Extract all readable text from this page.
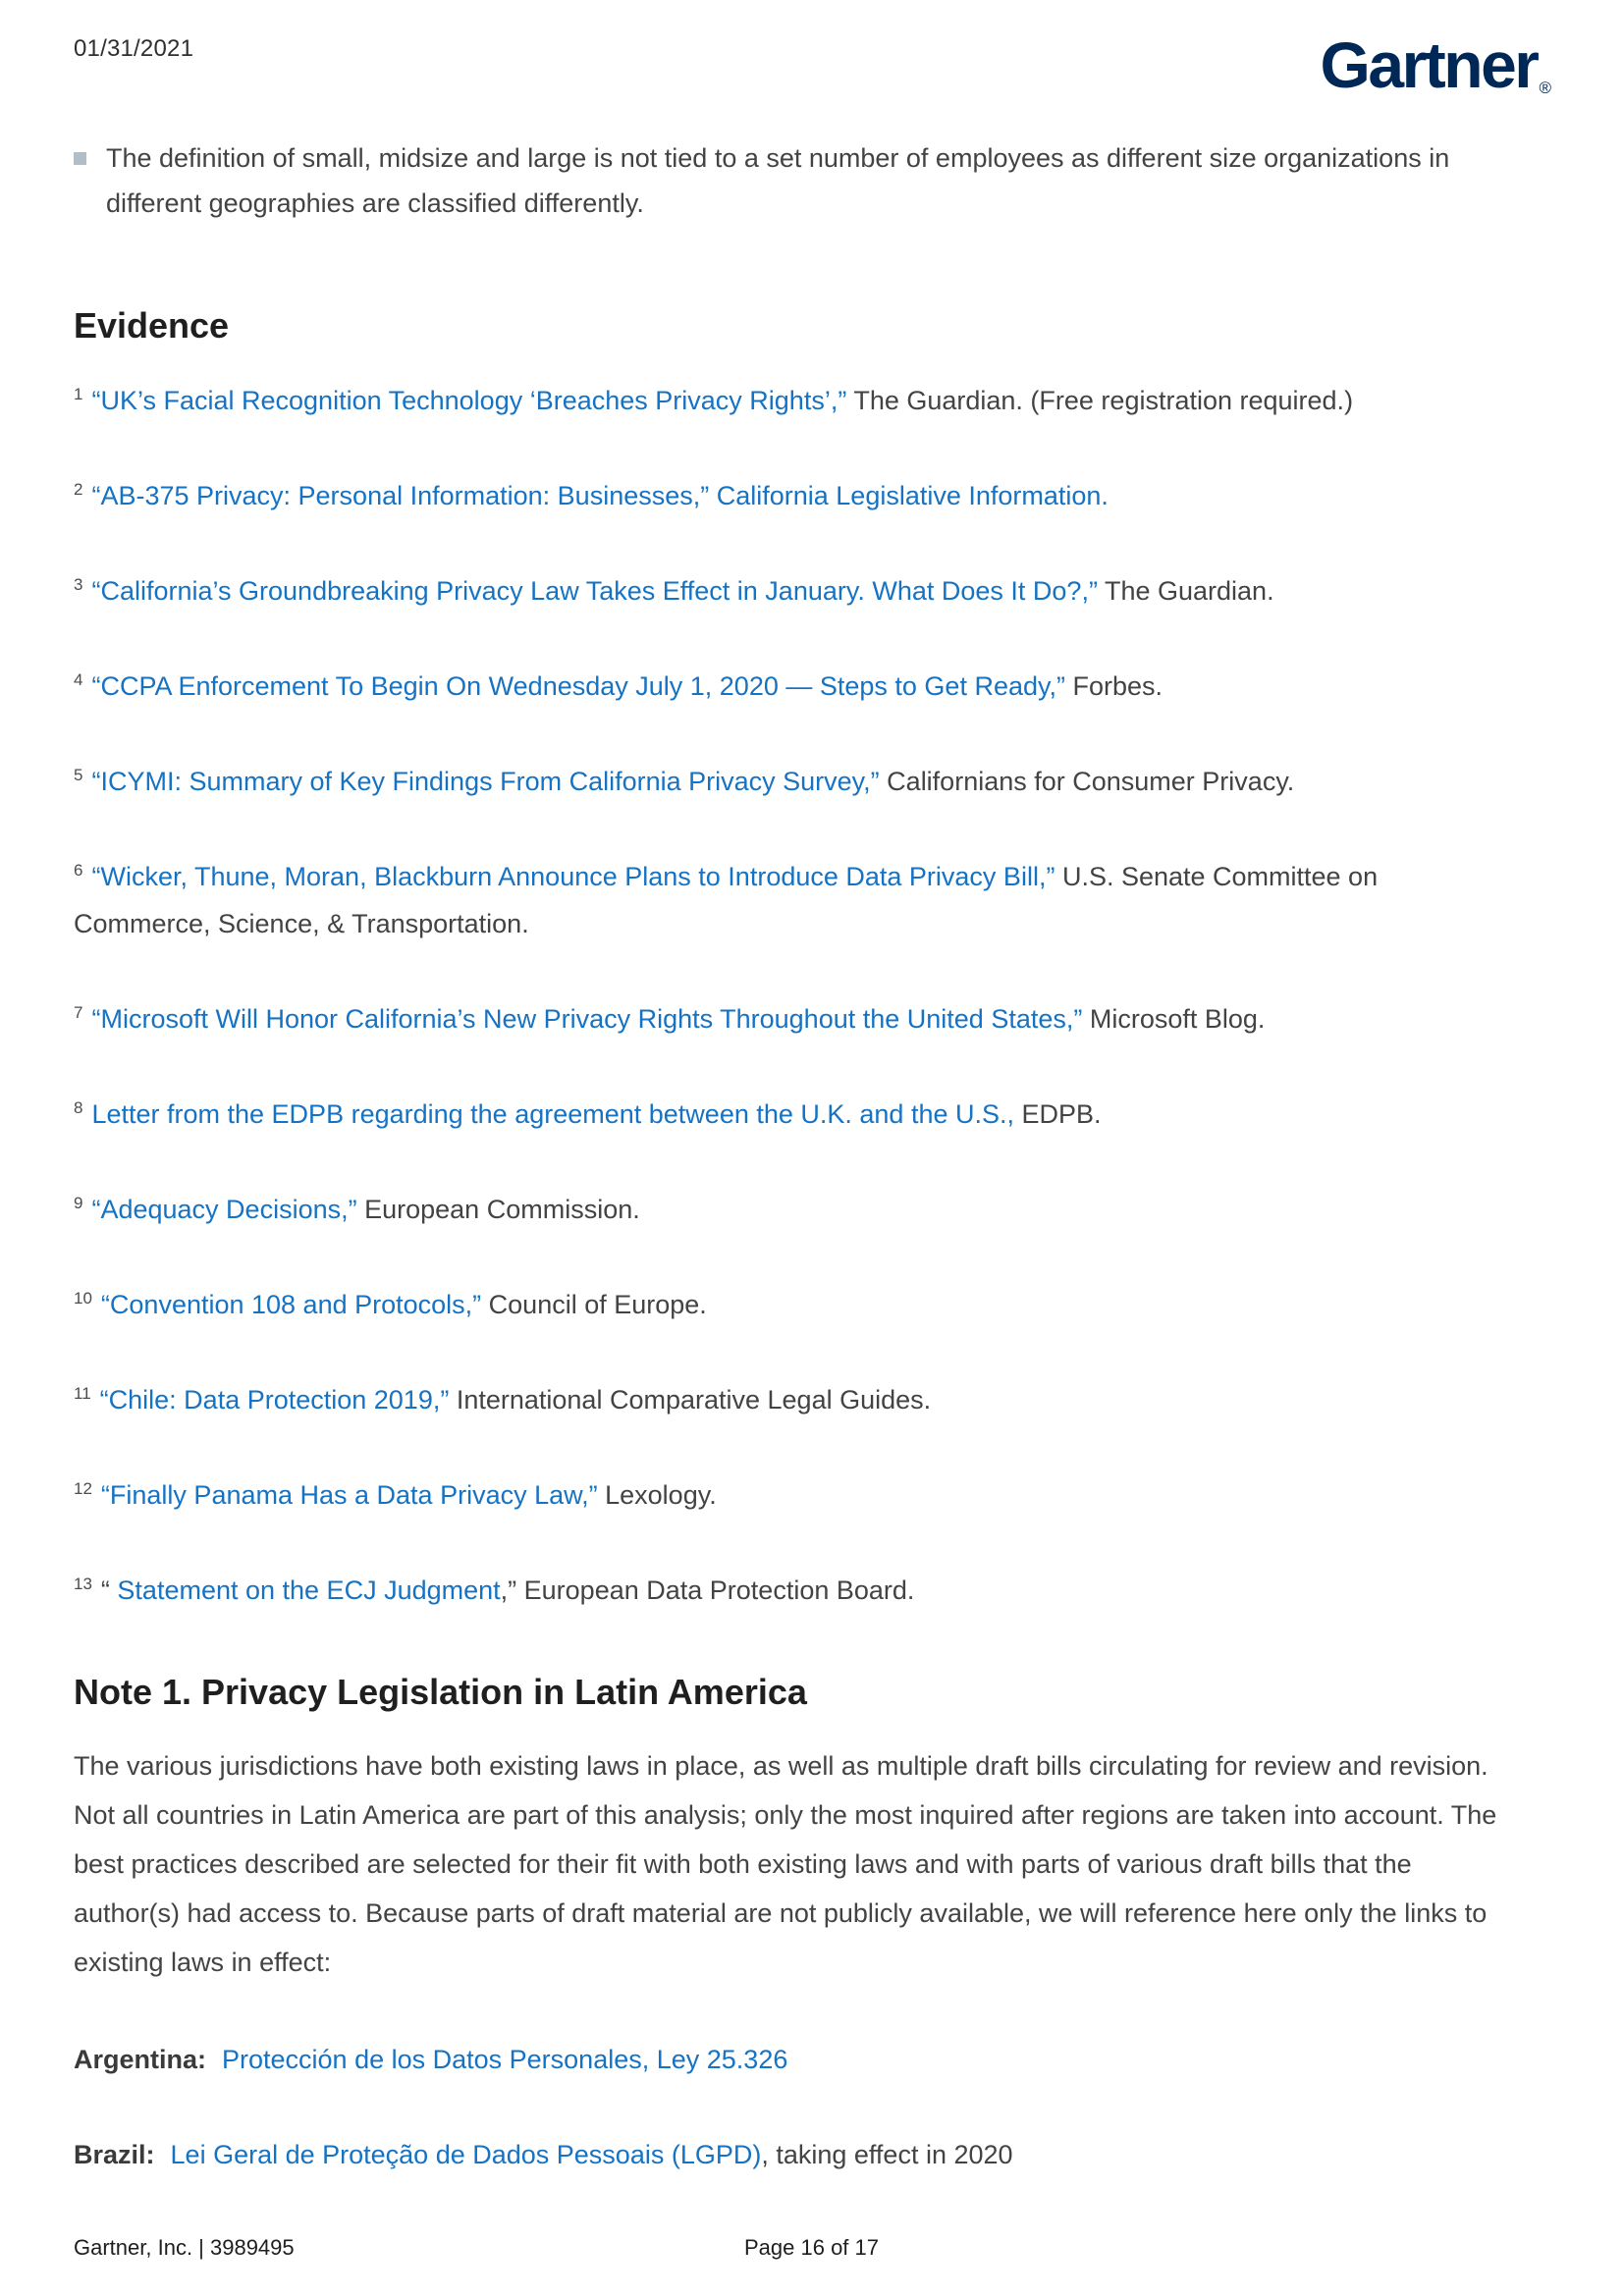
01/31/2021	Gartner ®

The definition of small, midsize and large is not tied to a set number of employees as different size organizations in different geographies are classified differently.

Evidence
$^1$ “UK’s Facial Recognition Technology ‘Breaches Privacy Rights’,” The Guardian. (Free registration required.)
$^2$ “AB-375 Privacy: Personal Information: Businesses,” California Legislative Information.
$^3$ “California’s Groundbreaking Privacy Law Takes Effect in January. What Does It Do?,” The Guardian.
$^4$ “CCPA Enforcement To Begin On Wednesday July 1, 2020 — Steps to Get Ready,” Forbes.
$^5$ “ICYMI: Summary of Key Findings From California Privacy Survey,” Californians for Consumer Privacy.
$^6$ “Wicker, Thune, Moran, Blackburn Announce Plans to Introduce Data Privacy Bill,” U.S. Senate Committee on Commerce, Science, & Transportation.
$^7$ “Microsoft Will Honor California’s New Privacy Rights Throughout the United States,” Microsoft Blog.
$^8$ Letter from the EDPB regarding the agreement between the U.K. and the U.S., EDPB.
$^9$ “Adequacy Decisions,” European Commission.
$^{10}$ “Convention 108 and Protocols,” Council of Europe.
$^{11}$ “Chile: Data Protection 2019,” International Comparative Legal Guides.
$^{12}$ “Finally Panama Has a Data Privacy Law,” Lexology.
$^{13}$ “ Statement on the ECJ Judgment,” European Data Protection Board.
Note 1. Privacy Legislation in Latin America

The various jurisdictions have both existing laws in place, as well as multiple draft bills circulating for review and revision. Not all countries in Latin America are part of this analysis; only the most inquired after regions are taken into account. The best practices described are selected for their fit with both existing laws and with parts of various draft bills that the author(s) had access to. Because parts of draft material are not publicly available, we will reference here only the links to existing laws in effect:

Argentina: Protección de los Datos Personales, Ley 25.326

Brazil: Lei Geral de Proteção de Dados Pessoais (LGPD), taking effect in 2020

Gartner, Inc. | 3989495	Page 16 of 17
